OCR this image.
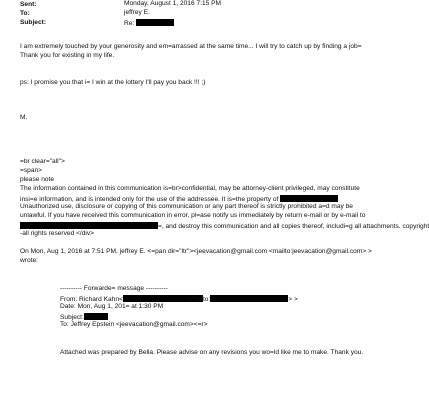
Sent:	Monday, August 1, 2016 7:15 PM
To:	jeffrey E.
Subject:	Re:
I am extremely touched by your generosity and em=arrassed at the same time... I will try to catch up by finding a job=
Thank you for existing in my life.
ps: I promise you that i= I win at the lottery I'll pay you back !!! ;)
M.
=br clear="all">
=span>
please note
The information contained in this communication is=br>confidential, may be attorney-client privileged, may constitute
insi=e information, and is intended only for the use of the addressee. It is=the property of
Unauthorized use, disclosure or copying of this communication or any part thereof is strictly prohibited a=d may be
unlawful. If you have received this communication in error, pl=ase notify us immediately by return e-mail or by e-mail to
=, and destroy this communication and all copies thereof, includi=g all attachments. copyright
-all rights reserved </div>
On Mon, Aug 1, 2016 at 7:51 PM, jeffrey E. <=pan dir="ltr"><jeevacation@gmail.com <mailto:jeevacation@gmail.com> >
wrote:
---------- Forwarde= message ----------
From: Richard Kahn<	<mailto:	> >
Date: Mon, Aug 1, 201= at 1:30 PM
Subject:
To: Jeffrey Epstein <jeevacation@gmail.com><=r>
Attached was prepared by Bella. Please advise on any revisions you wo=ld like me to make. Thank you.
